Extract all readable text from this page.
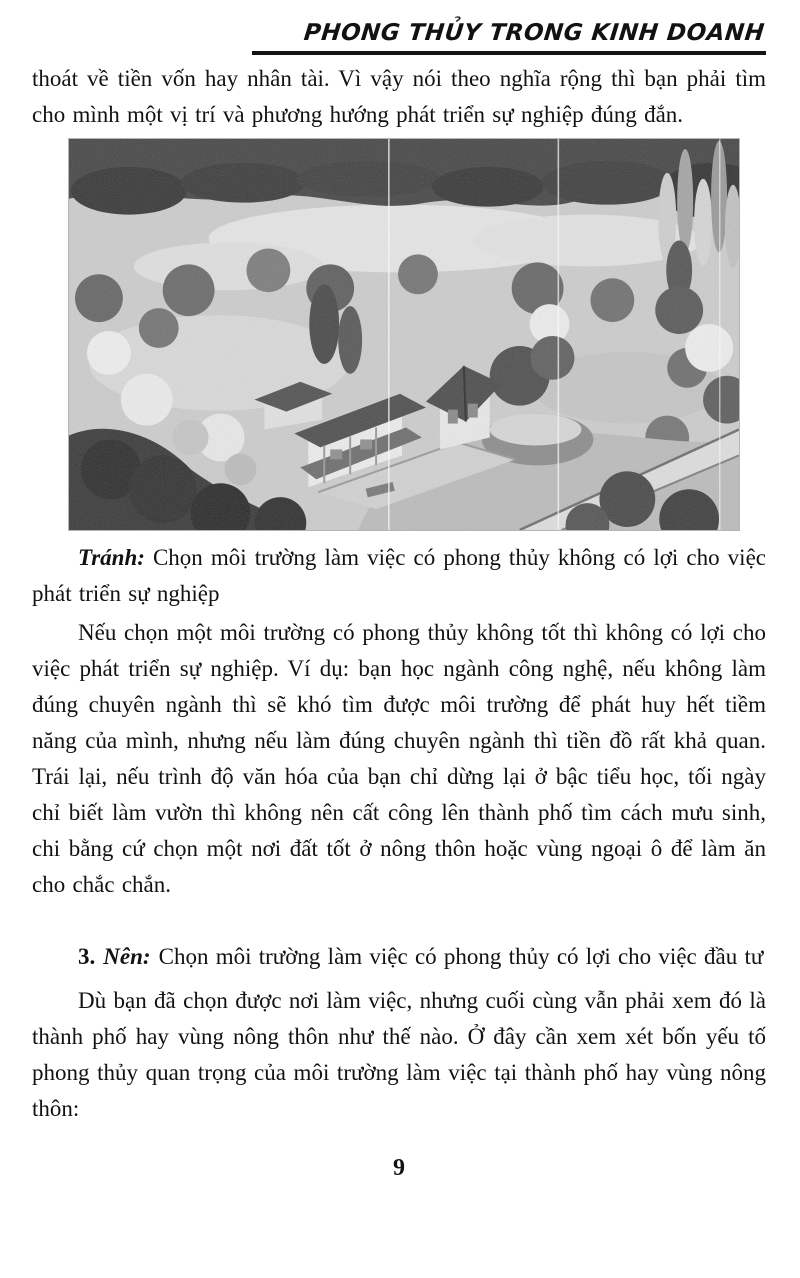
PHONG THỦY TRONG KINH DOANH

thoát về tiền vốn hay nhân tài. Vì vậy nói theo nghĩa rộng thì bạn phải tìm cho mình một vị trí và phương hướng phát triển sự nghiệp đúng đắn.

Tránh: Chọn môi trường làm việc có phong thủy không có lợi cho việc phát triển sự nghiệp

Nếu chọn một môi trường có phong thủy không tốt thì không có lợi cho việc phát triển sự nghiệp. Ví dụ: bạn học ngành công nghệ, nếu không làm đúng chuyên ngành thì sẽ khó tìm được môi trường để phát huy hết tiềm năng của mình, nhưng nếu làm đúng chuyên ngành thì tiền đồ rất khả quan. Trái lại, nếu trình độ văn hóa của bạn chỉ dừng lại ở bậc tiểu học, tối ngày chỉ biết làm vườn thì không nên cất công lên thành phố tìm cách mưu sinh, chi bằng cứ chọn một nơi đất tốt ở nông thôn hoặc vùng ngoại ô để làm ăn cho chắc chắn.

3. Nên: Chọn môi trường làm việc có phong thủy có lợi cho việc đầu tư

Dù bạn đã chọn được nơi làm việc, nhưng cuối cùng vẫn phải xem đó là thành phố hay vùng nông thôn như thế nào. Ở đây cần xem xét bốn yếu tố phong thủy quan trọng của môi trường làm việc tại thành phố hay vùng nông thôn:

9
